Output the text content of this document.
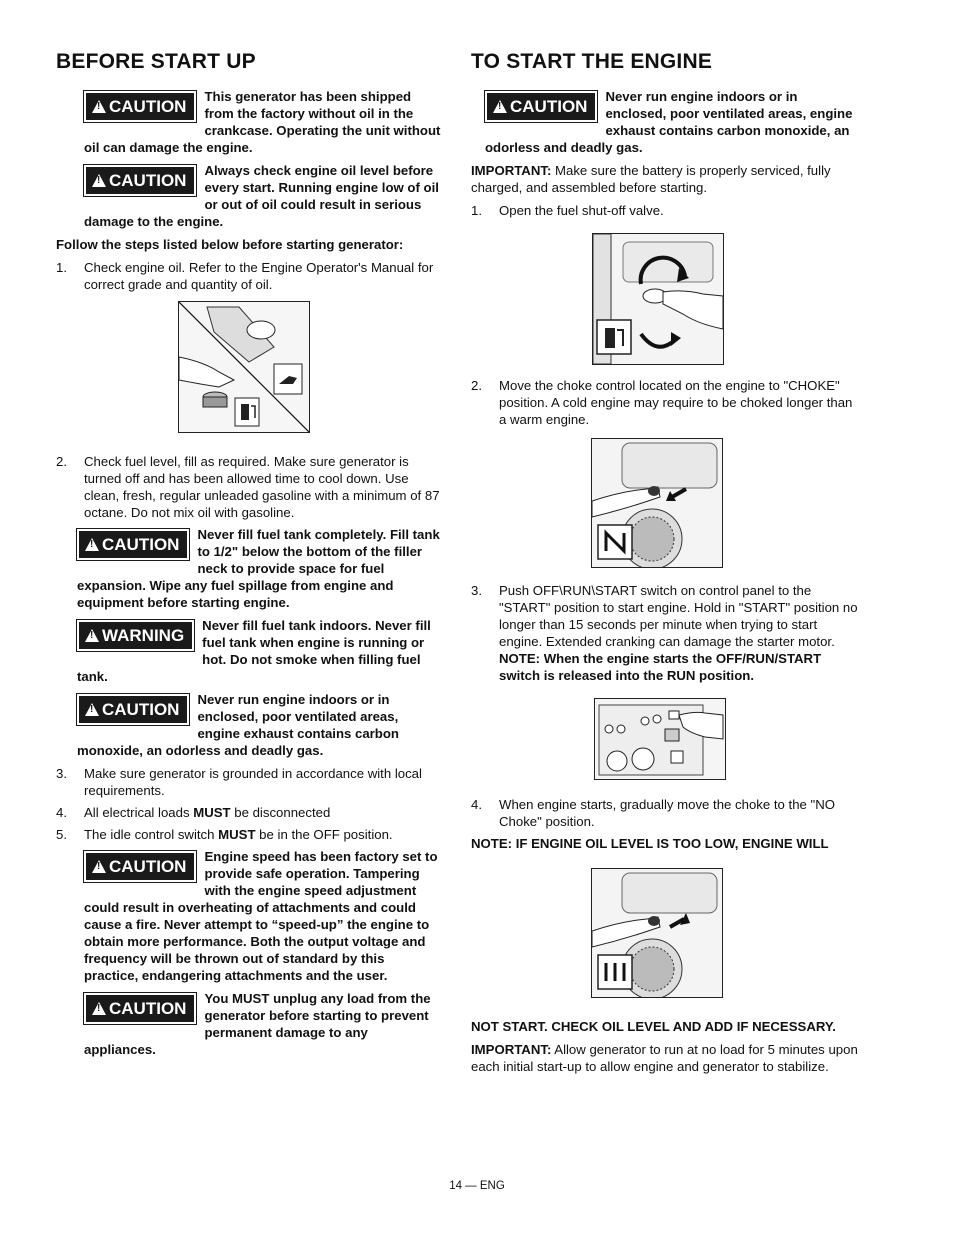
BEFORE START UP
!CAUTION
This generator has been shipped from the factory without oil in the crankcase. Operating the unit without oil can damage the engine.
!CAUTION
Always check engine oil level before every start. Running engine low of oil or out of oil could result in serious damage to the engine.

Follow the steps listed below before starting generator:

1. Check engine oil. Refer to the Engine Operator's Manual for correct grade and quantity of oil.
2. Check fuel level, fill as required. Make sure generator is turned off and has been allowed time to cool down. Use clean, fresh, regular unleaded gasoline with a minimum of 87 octane. Do not mix oil with gasoline.
!CAUTION
Never fill fuel tank completely. Fill tank to 1/2" below the bottom of the filler neck to provide space for fuel expansion. Wipe any fuel spillage from engine and equipment before starting engine.
!WARNING
Never fill fuel tank indoors. Never fill fuel tank when engine is running or hot. Do not smoke when filling fuel tank.
!CAUTION
Never run engine indoors or in enclosed, poor ventilated areas, engine exhaust contains carbon monoxide, an odorless and deadly gas.
3. Make sure generator is grounded in accordance with local requirements.
4. All electrical loads MUST be disconnected
5. The idle control switch MUST be in the OFF position.
!CAUTION
Engine speed has been factory set to provide safe operation. Tampering with the engine speed adjustment could result in overheating of attachments and could cause a fire. Never attempt to “speed-up” the engine to obtain more performance. Both the output voltage and frequency will be thrown out of standard by this practice, endangering attachments and the user.
!CAUTION
You MUST unplug any load from the generator before starting to prevent permanent damage to any appliances.
TO START THE ENGINE
!CAUTION
Never run engine indoors or in enclosed, poor ventilated areas, engine exhaust contains carbon monoxide, an odorless and deadly gas.

IMPORTANT: Make sure the battery is properly serviced, fully charged, and assembled before starting.

1. Open the fuel shut-off valve.
2. Move the choke control located on the engine to "CHOKE" position. A cold engine may require to be choked longer than a warm engine.
3. Push OFF\RUN\START switch on control panel to the "START" position to start engine. Hold in "START" position no longer than 15 seconds per minute when trying to start engine. Extended cranking can damage the starter motor. NOTE: When the engine starts the OFF/RUN/START switch is released into the RUN position.
4. When engine starts, gradually move the choke to the "NO Choke" position.

NOTE: IF ENGINE OIL LEVEL IS TOO LOW, ENGINE WILL

NOT START. CHECK OIL LEVEL AND ADD IF NECESSARY.

IMPORTANT: Allow generator to run at no load for 5 minutes upon each initial start-up to allow engine and generator to stabilize.

14 — ENG
